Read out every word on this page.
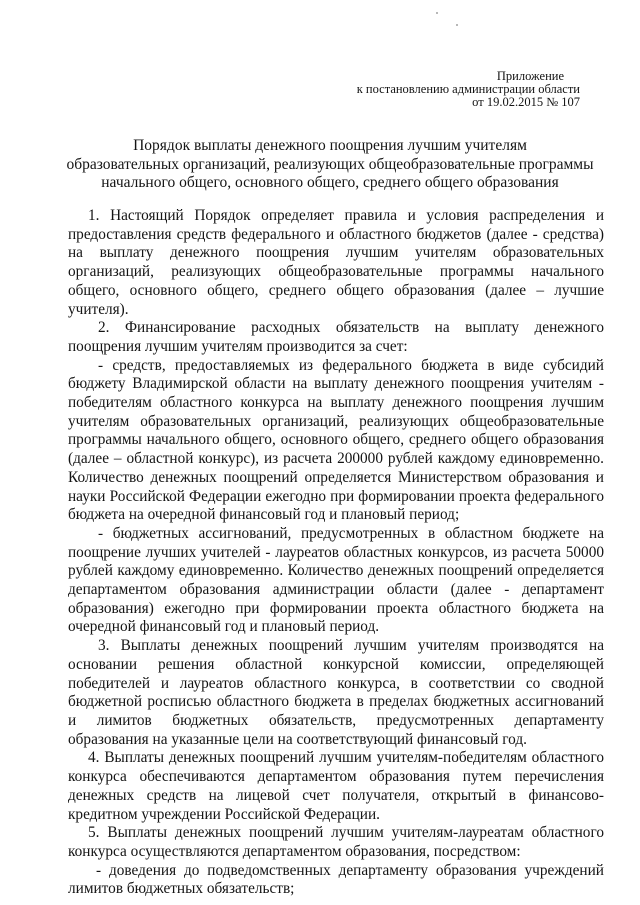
Приложение
к постановлению администрации области
от 19.02.2015 № 107
Порядок выплаты денежного поощрения лучшим учителям
образовательных организаций, реализующих общеобразовательные программы
начального общего, основного общего, среднего общего образования

1. Настоящий Порядок определяет правила и условия распределения и предоставления средств федерального и областного бюджетов (далее - средства) на выплату денежного поощрения лучшим учителям образовательных организаций, реализующих общеобразовательные программы начального общего, основного общего, среднего общего образования (далее – лучшие учителя).

2. Финансирование расходных обязательств на выплату денежного поощрения лучшим учителям производится за счет:

- средств, предоставляемых из федерального бюджета в виде субсидий бюджету Владимирской области на выплату денежного поощрения учителям - победителям областного конкурса на выплату денежного поощрения лучшим учителям образовательных организаций, реализующих общеобразовательные программы начального общего, основного общего, среднего общего образования (далее – областной конкурс), из расчета 200000 рублей каждому единовременно. Количество денежных поощрений определяется Министерством образования и науки Российской Федерации ежегодно при формировании проекта федерального бюджета на очередной финансовый год и плановый период;

- бюджетных ассигнований, предусмотренных в областном бюджете на поощрение лучших учителей - лауреатов областных конкурсов, из расчета 50000 рублей каждому единовременно. Количество денежных поощрений определяется департаментом образования администрации области (далее - департамент образования) ежегодно при формировании проекта областного бюджета на очередной финансовый год и плановый период.

3. Выплаты денежных поощрений лучшим учителям производятся на основании решения областной конкурсной комиссии, определяющей победителей и лауреатов областного конкурса, в соответствии со сводной бюджетной росписью областного бюджета в пределах бюджетных ассигнований и лимитов бюджетных обязательств, предусмотренных департаменту образования на указанные цели на соответствующий финансовый год.

4. Выплаты денежных поощрений лучшим учителям-победителям областного конкурса обеспечиваются департаментом образования путем перечисления денежных средств на лицевой счет получателя, открытый в финансово-кредитном учреждении Российской Федерации.

5. Выплаты денежных поощрений лучшим учителям-лауреатам областного конкурса осуществляются департаментом образования, посредством:

- доведения до подведомственных департаменту образования учреждений лимитов бюджетных обязательств;
